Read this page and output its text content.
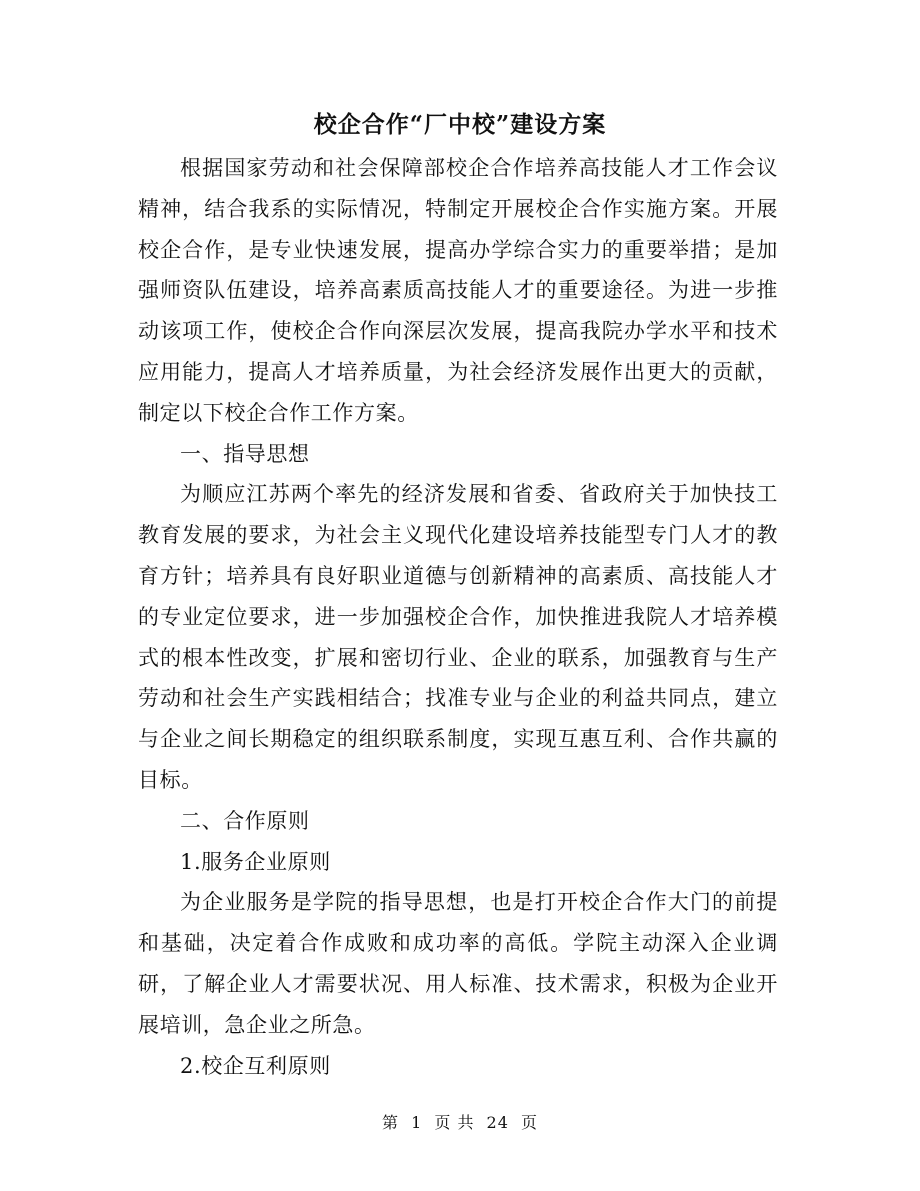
校企合作“厂中校”建设方案

根据国家劳动和社会保障部校企合作培养高技能人才工作会议精神，结合我系的实际情况，特制定开展校企合作实施方案。开展校企合作，是专业快速发展，提高办学综合实力的重要举措；是加强师资队伍建设，培养高素质高技能人才的重要途径。为进一步推动该项工作，使校企合作向深层次发展，提高我院办学水平和技术应用能力，提高人才培养质量，为社会经济发展作出更大的贡献，制定以下校企合作工作方案。

一、指导思想

为顺应江苏两个率先的经济发展和省委、省政府关于加快技工教育发展的要求，为社会主义现代化建设培养技能型专门人才的教育方针；培养具有良好职业道德与创新精神的高素质、高技能人才的专业定位要求，进一步加强校企合作，加快推进我院人才培养模式的根本性改变，扩展和密切行业、企业的联系，加强教育与生产劳动和社会生产实践相结合；找准专业与企业的利益共同点，建立与企业之间长期稳定的组织联系制度，实现互惠互利、合作共赢的目标。

二、合作原则

1.服务企业原则

为企业服务是学院的指导思想，也是打开校企合作大门的前提和基础，决定着合作成败和成功率的高低。学院主动深入企业调研，了解企业人才需要状况、用人标准、技术需求，积极为企业开展培训，急企业之所急。

2.校企互利原则

第 1 页 共 24 页
